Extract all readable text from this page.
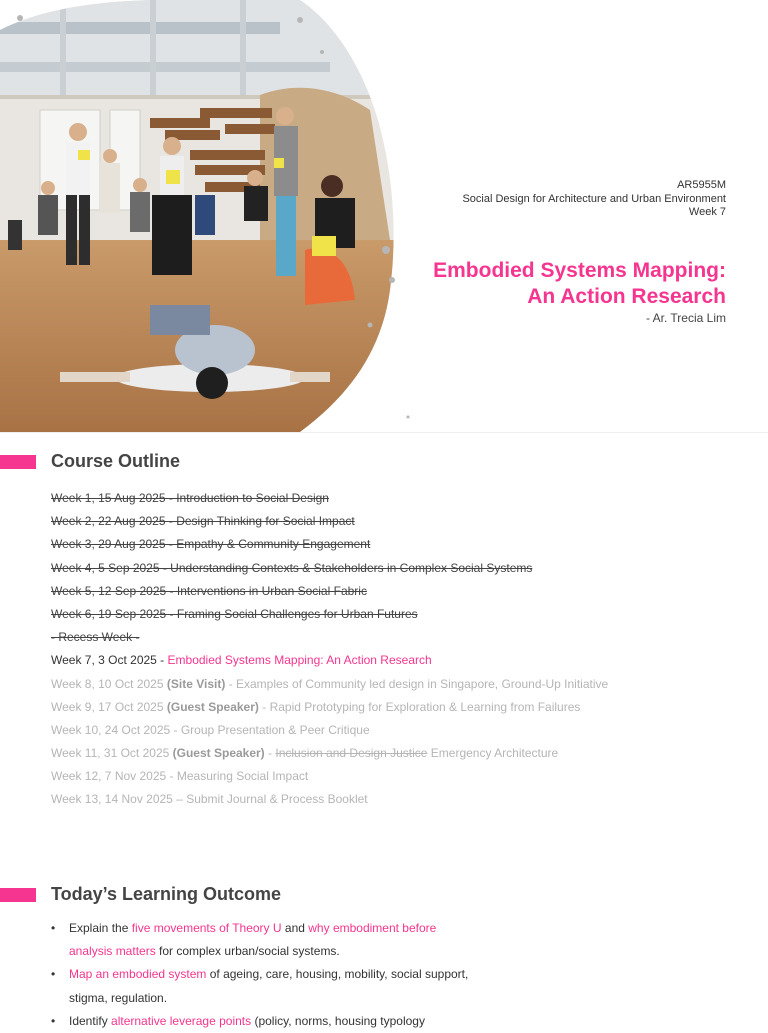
AR5955M
Social Design for Architecture and Urban Environment
Week 7
Embodied Systems Mapping:
An Action Research
- Ar. Trecia Lim
Course Outline
Week 1, 15 Aug 2025 - Introduction to Social Design
Week 2, 22 Aug 2025 - Design Thinking for Social Impact
Week 3, 29 Aug 2025 - Empathy & Community Engagement
Week 4, 5 Sep 2025 - Understanding Contexts & Stakeholders in Complex Social Systems
Week 5, 12 Sep 2025 - Interventions in Urban Social Fabric
Week 6, 19 Sep 2025 - Framing Social Challenges for Urban Futures
- Recess Week -
Week 7, 3 Oct 2025 - Embodied Systems Mapping: An Action Research
Week 8, 10 Oct 2025 (Site Visit) - Examples of Community led design in Singapore, Ground-Up Initiative
Week 9, 17 Oct 2025 (Guest Speaker) - Rapid Prototyping for Exploration & Learning from Failures
Week 10, 24 Oct 2025 - Group Presentation & Peer Critique
Week 11, 31 Oct 2025 (Guest Speaker) - Inclusion and Design Justice Emergency Architecture
Week 12, 7 Nov 2025 - Measuring Social Impact
Week 13, 14 Nov 2025 – Submit Journal & Process Booklet
Today’s Learning Outcome
• Explain the five movements of Theory U and why embodiment before analysis matters for complex urban/social systems.
• Map an embodied system of ageing, care, housing, mobility, social support, stigma, regulation.
• Identify alternative leverage points (policy, norms, housing typology
